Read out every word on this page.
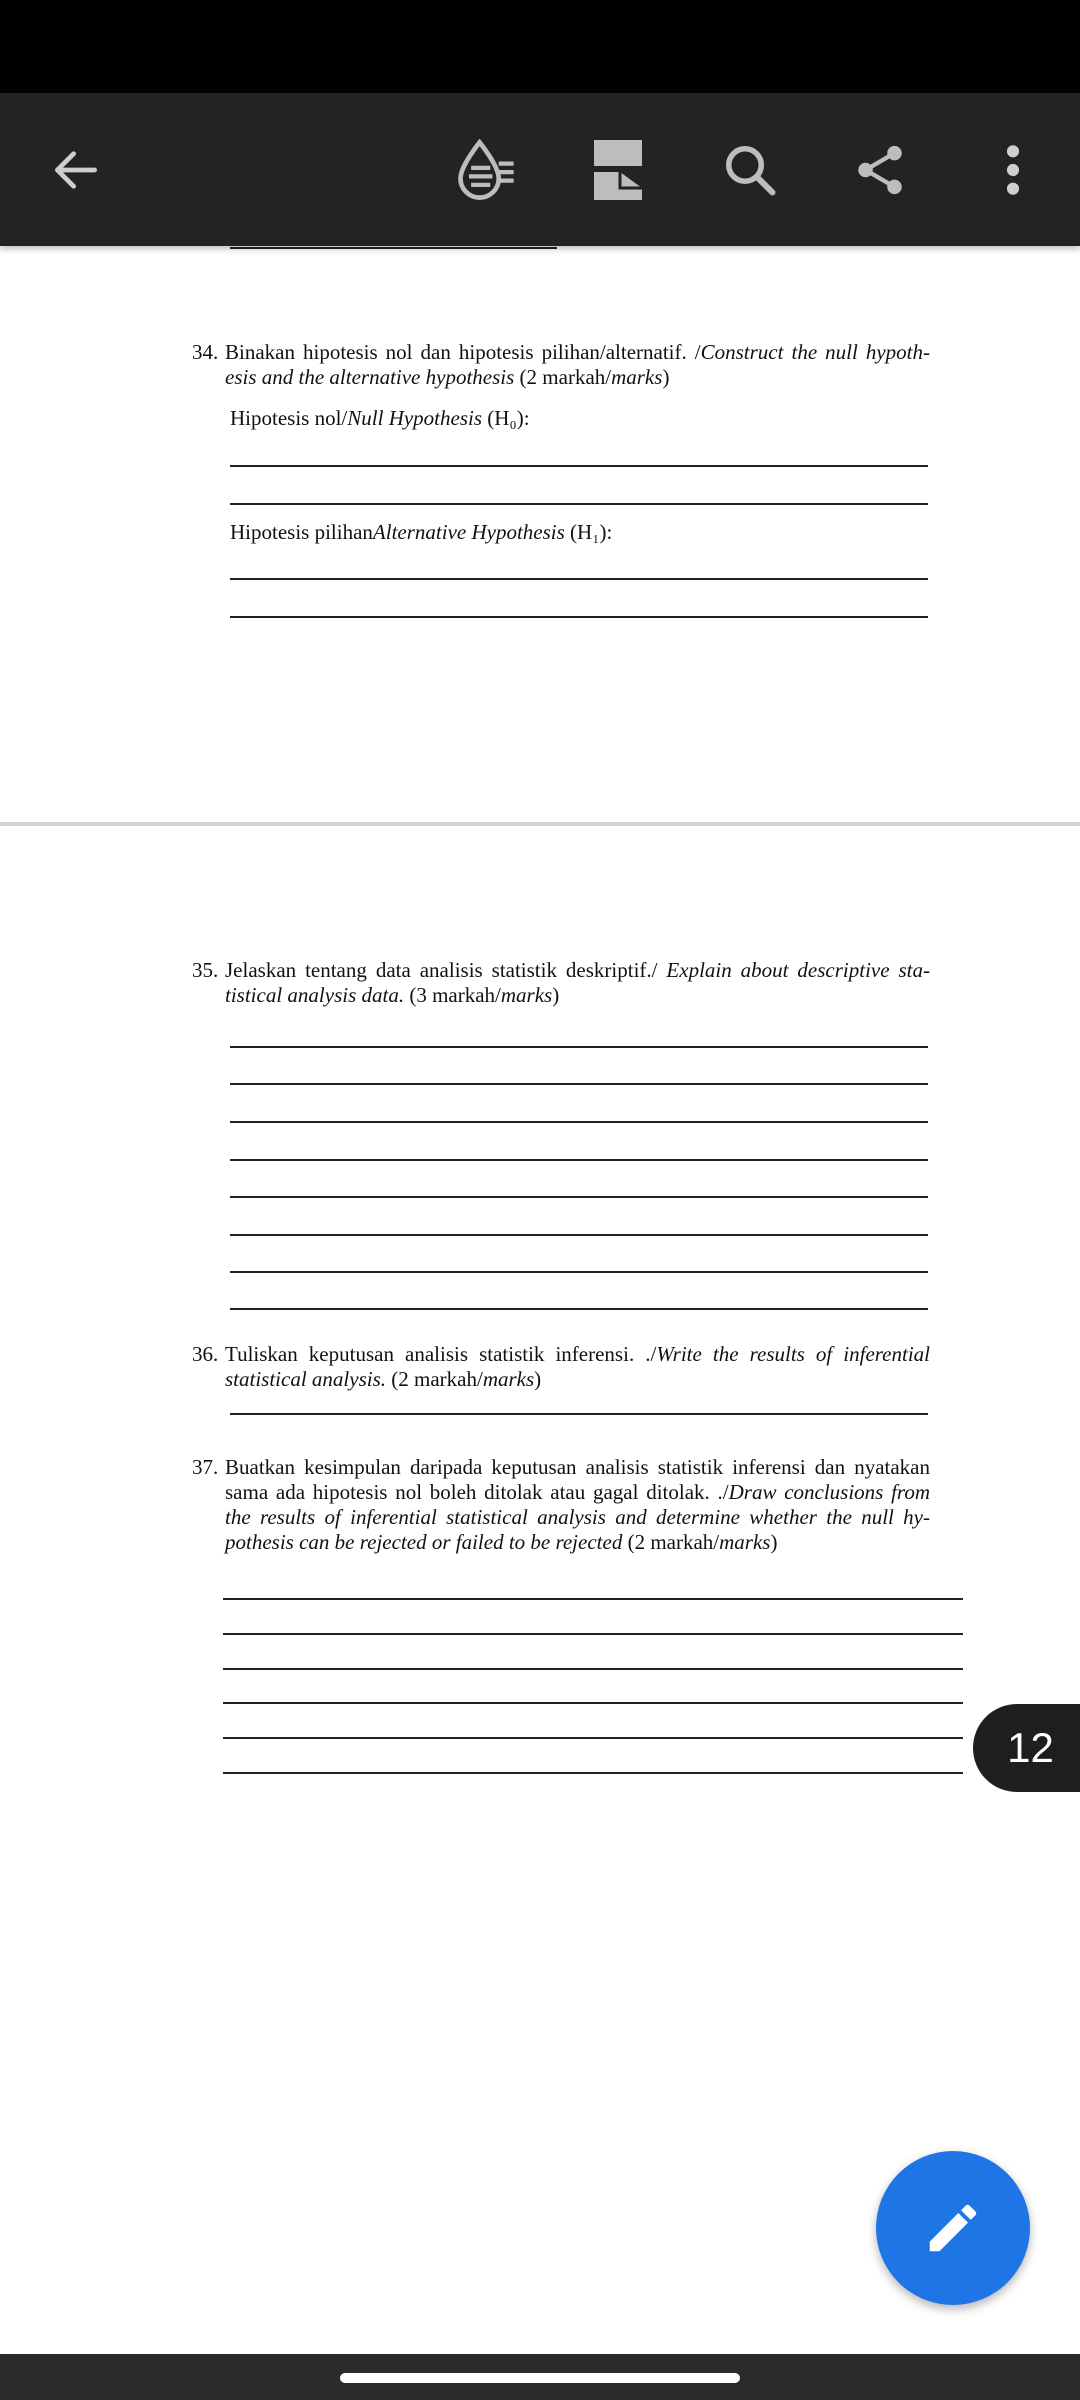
34. Binakan hipotesis nol dan hipotesis pilihan/alternatif. /Construct the null hypoth- esis and the alternative hypothesis (2 markah/marks)
Hipotesis nol/Null Hypothesis (H₀):
Hipotesis pilihanAlternative Hypothesis (H₁):
35. Jelaskan tentang data analisis statistik deskriptif./ Explain about descriptive sta- tistical analysis data. (3 markah/marks)
36. Tuliskan keputusan analisis statistik inferensi. ./Write the results of inferential statistical analysis. (2 markah/marks)
37. Buatkan kesimpulan daripada keputusan analisis statistik inferensi dan nyatakan sama ada hipotesis nol boleh ditolak atau gagal ditolak. ./Draw conclusions from the results of inferential statistical analysis and determine whether the null hy- pothesis can be rejected or failed to be rejected (2 markah/marks)
12
